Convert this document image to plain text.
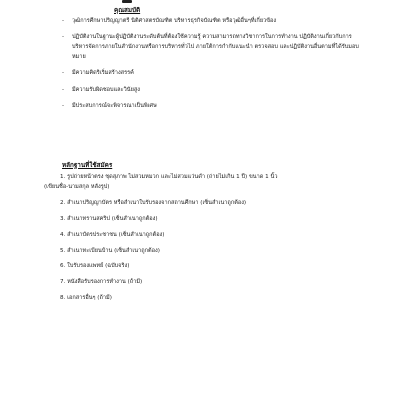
คุณสมบัติ
- วุฒิการศึกษาปริญญาตรี นิติศาสตรบัณฑิต บริหารธุรกิจบัณฑิต หรือวุฒิอื่นๆที่เกี่ยวข้อง
- ปฏิบัติงานในฐานะผู้ปฏิบัติงานระดับต้นที่ต้องใช้ความรู้ ความสามารถทางวิชาการในการทำงาน ปฏิบัติงานเกี่ยวกับการบริหารจัดการภายในสำนักงานหรือการบริหารทั่วไป ภายใต้การกำกับแนะนำ ตรวจสอบ และปฏิบัติงานอื่นตามที่ได้รับมอบหมาย
- มีความคิดริเริ่มสร้างสรรค์
- มีความรับผิดชอบและวินัยสูง
- มีประสบการณ์จะพิจารณาเป็นพิเศษ
หลักฐานที่ใช้สมัคร
1. รูปถ่ายหน้าตรง ชุดสุภาพ ไม่สวมหมวก และไม่สวมแว่นดำ (ถ่ายไม่เกิน 1 ปี) ขนาด 1 นิ้ว
(เขียนชื่อ-นามสกุล หลังรูป)
2. สำเนาปริญญาบัตร หรือสำเนาใบรับรองจากสถานศึกษา (เซ็นสำเนาถูกต้อง)
3. สำเนาทรานสคริป (เซ็นสำเนาถูกต้อง)
4. สำเนาบัตรประชาชน (เซ็นสำเนาถูกต้อง)
5. สำเนาทะเบียนบ้าน (เซ็นสำเนาถูกต้อง)
6. ใบรับรองแพทย์ (ฉบับจริง)
7. หนังสือรับรองการทำงาน (ถ้ามี)
8. เอกสารอื่นๆ (ถ้ามี)
